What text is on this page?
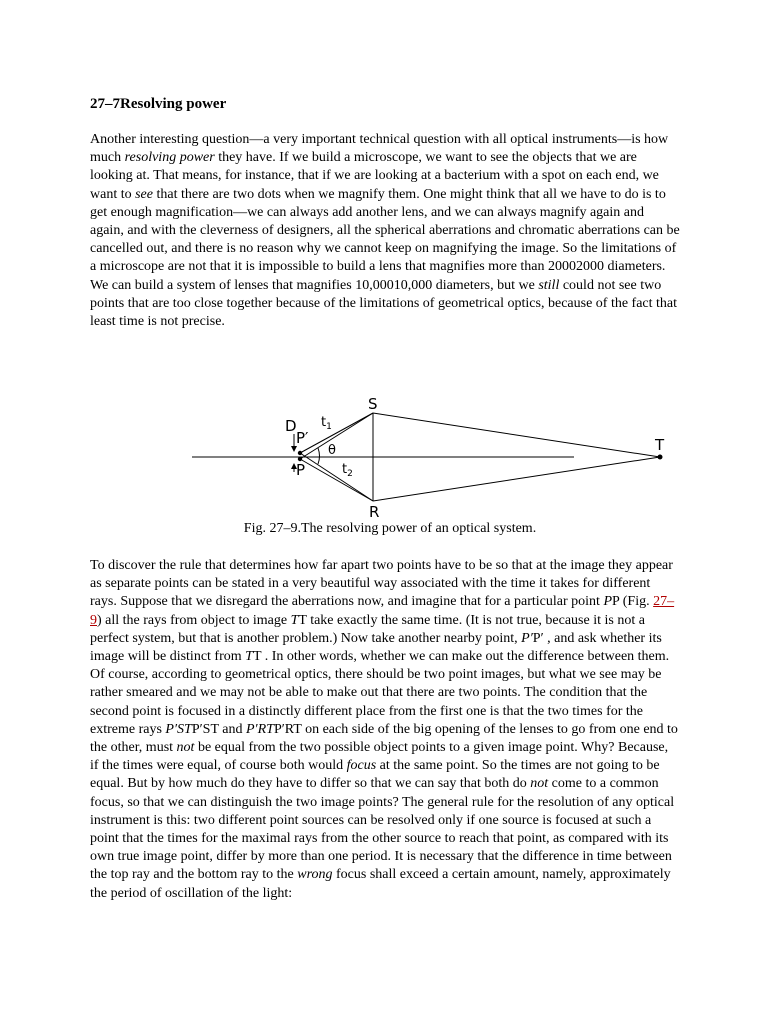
27–7Resolving power

Another interesting question—a very important technical question with all optical instruments—is how much resolving power they have. If we build a microscope, we want to see the objects that we are looking at. That means, for instance, that if we are looking at a bacterium with a spot on each end, we want to see that there are two dots when we magnify them. One might think that all we have to do is to get enough magnification—we can always add another lens, and we can always magnify again and again, and with the cleverness of designers, all the spherical aberrations and chromatic aberrations can be cancelled out, and there is no reason why we cannot keep on magnifying the image. So the limitations of a microscope are not that it is impossible to build a lens that magnifies more than 20002000 diameters. We can build a system of lenses that magnifies 10,00010,000 diameters, but we still could not see two points that are too close together because of the limitations of geometrical optics, because of the fact that least time is not precise.

S
T
R
D
P′
P
θ
$t_1$
$t_2$
Fig. 27–9.The resolving power of an optical system.

To discover the rule that determines how far apart two points have to be so that at the image they appear as separate points can be stated in a very beautiful way associated with the time it takes for different rays. Suppose that we disregard the aberrations now, and imagine that for a particular point PP (Fig. 27–9) all the rays from object to image TT take exactly the same time. (It is not true, because it is not a perfect system, but that is another problem.) Now take another nearby point, P′P′ , and ask whether its image will be distinct from TT . In other words, whether we can make out the difference between them. Of course, according to geometrical optics, there should be two point images, but what we see may be rather smeared and we may not be able to make out that there are two points. The condition that the second point is focused in a distinctly different place from the first one is that the two times for the extreme rays P′STP′ST and P′RTP′RT on each side of the big opening of the lenses to go from one end to the other, must not be equal from the two possible object points to a given image point. Why? Because, if the times were equal, of course both would focus at the same point. So the times are not going to be equal. But by how much do they have to differ so that we can say that both do not come to a common focus, so that we can distinguish the two image points? The general rule for the resolution of any optical instrument is this: two different point sources can be resolved only if one source is focused at such a point that the times for the maximal rays from the other source to reach that point, as compared with its own true image point, differ by more than one period. It is necessary that the difference in time between the top ray and the bottom ray to the wrong focus shall exceed a certain amount, namely, approximately the period of oscillation of the light:
